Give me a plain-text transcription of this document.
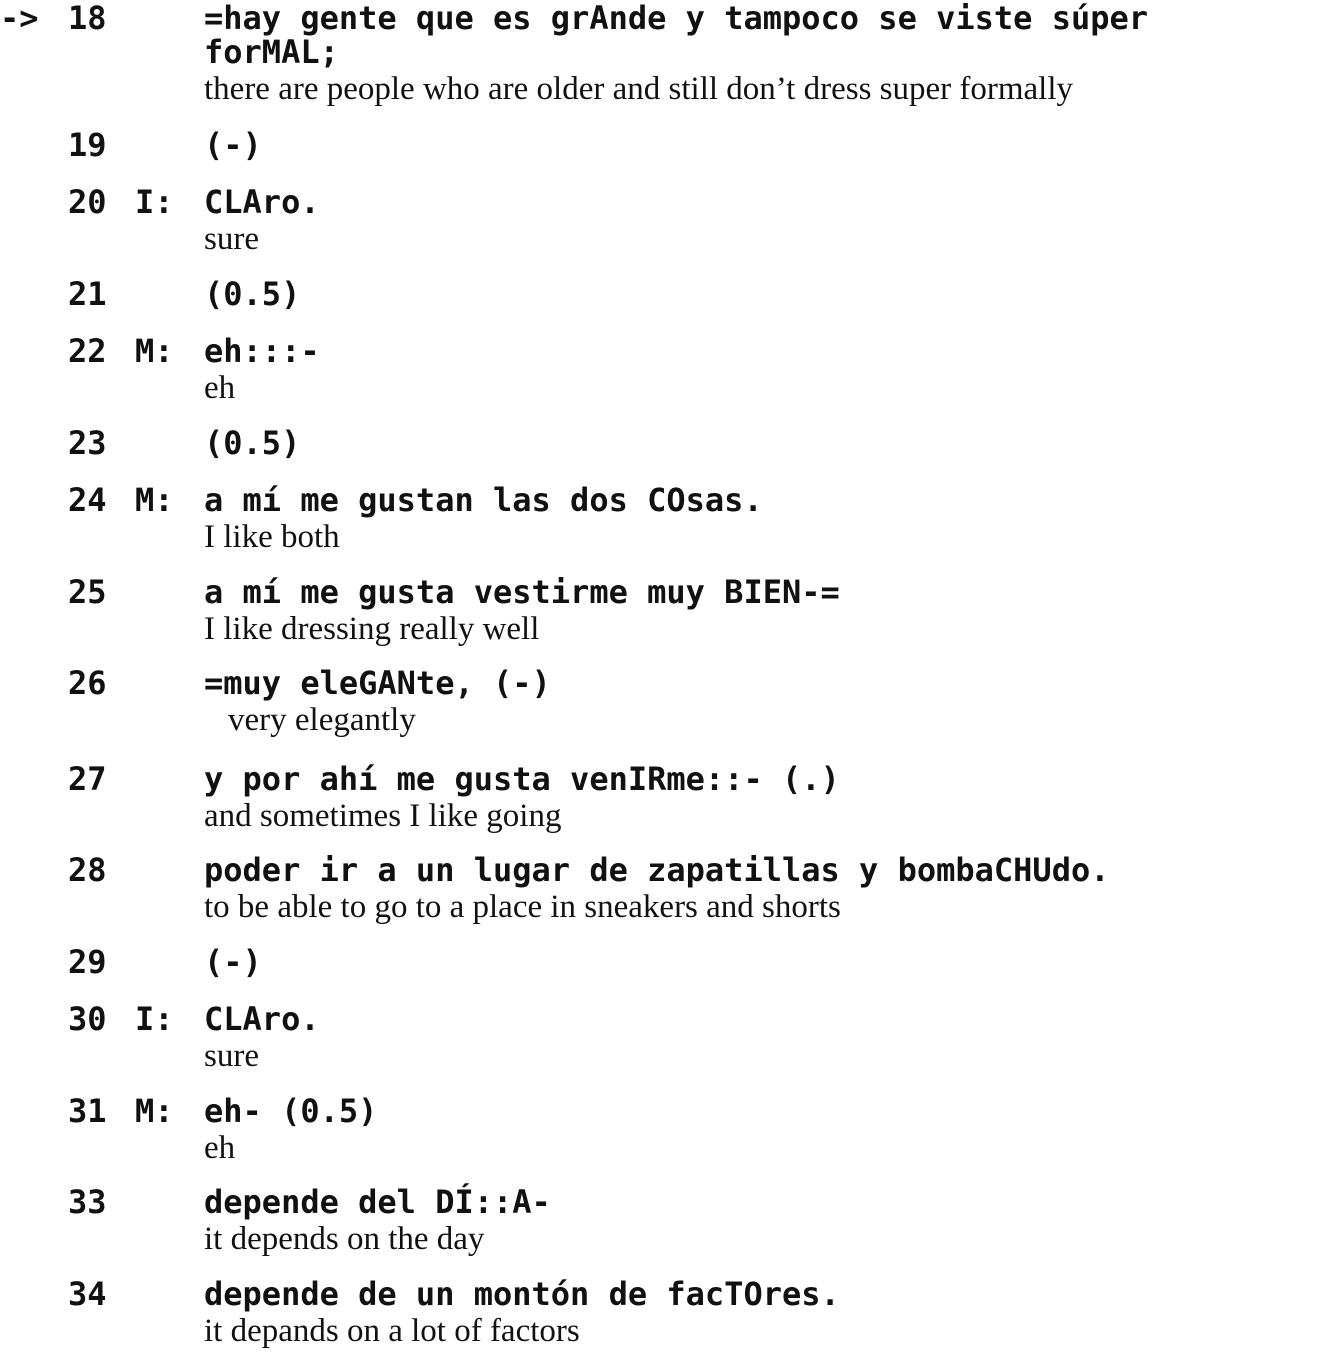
-> 18	=hay gente que es grAnde y tampoco se viste súper
forMAL;
there are people who are older and still don’t dress super formally
19	(-)
20 I: CLAro.
sure
21	(0.5)
22 M: eh:::-
eh
23	(0.5)
24 M: a mí me gustan las dos COsas.
I like both
25	a mí me gusta vestirme muy BIEN-=
I like dressing really well
26	=muy eleGANte, (-)
very elegantly
27	y por ahí me gusta venIRme::- (.)
and sometimes I like going
28	poder ir a un lugar de zapatillas y bombaCHUdo.
to be able to go to a place in sneakers and shorts
29	(-)
30 I: CLAro.
sure
31 M: eh- (0.5)
eh
33	depende del DÍ::A-
it depends on the day
34	depende de un montón de facTOres.
it depands on a lot of factors
